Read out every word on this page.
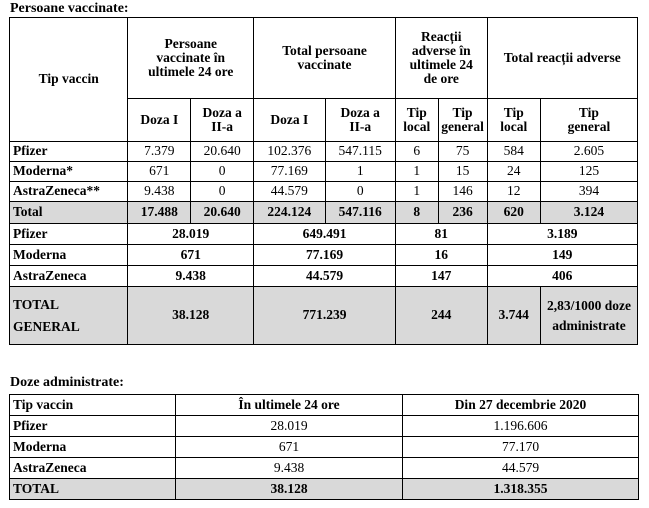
Persoane vaccinate:
Tip vaccin	Persoane vaccinate în ultimele 24 ore		Total persoane vaccinate		Reacții adverse în ultimele 24 de ore		Total reacții adverse	
	Doza I	Doza a II-a	Doza I	Doza a II-a	Tip local	Tip general	Tip local	Tip general
Pfizer	7.379	20.640	102.376	547.115	6	75	584	2.605
Moderna*	671	0	77.169	1	1	15	24	125
AstraZeneca**	9.438	0	44.579	0	1	146	12	394
Total	17.488	20.640	224.124	547.116	8	236	620	3.124
Pfizer	28.019		649.491		81		3.189	
Moderna	671		77.169		16		149	
AstraZeneca	9.438		44.579		147		406	
TOTAL GENERAL	38.128		771.239		244		3.744	2,83/1000 doze administrate
Doze administrate:
Tip vaccin	În ultimele 24 ore	Din 27 decembrie 2020
Pfizer	28.019	1.196.606
Moderna	671	77.170
AstraZeneca	9.438	44.579
TOTAL	38.128	1.318.355
